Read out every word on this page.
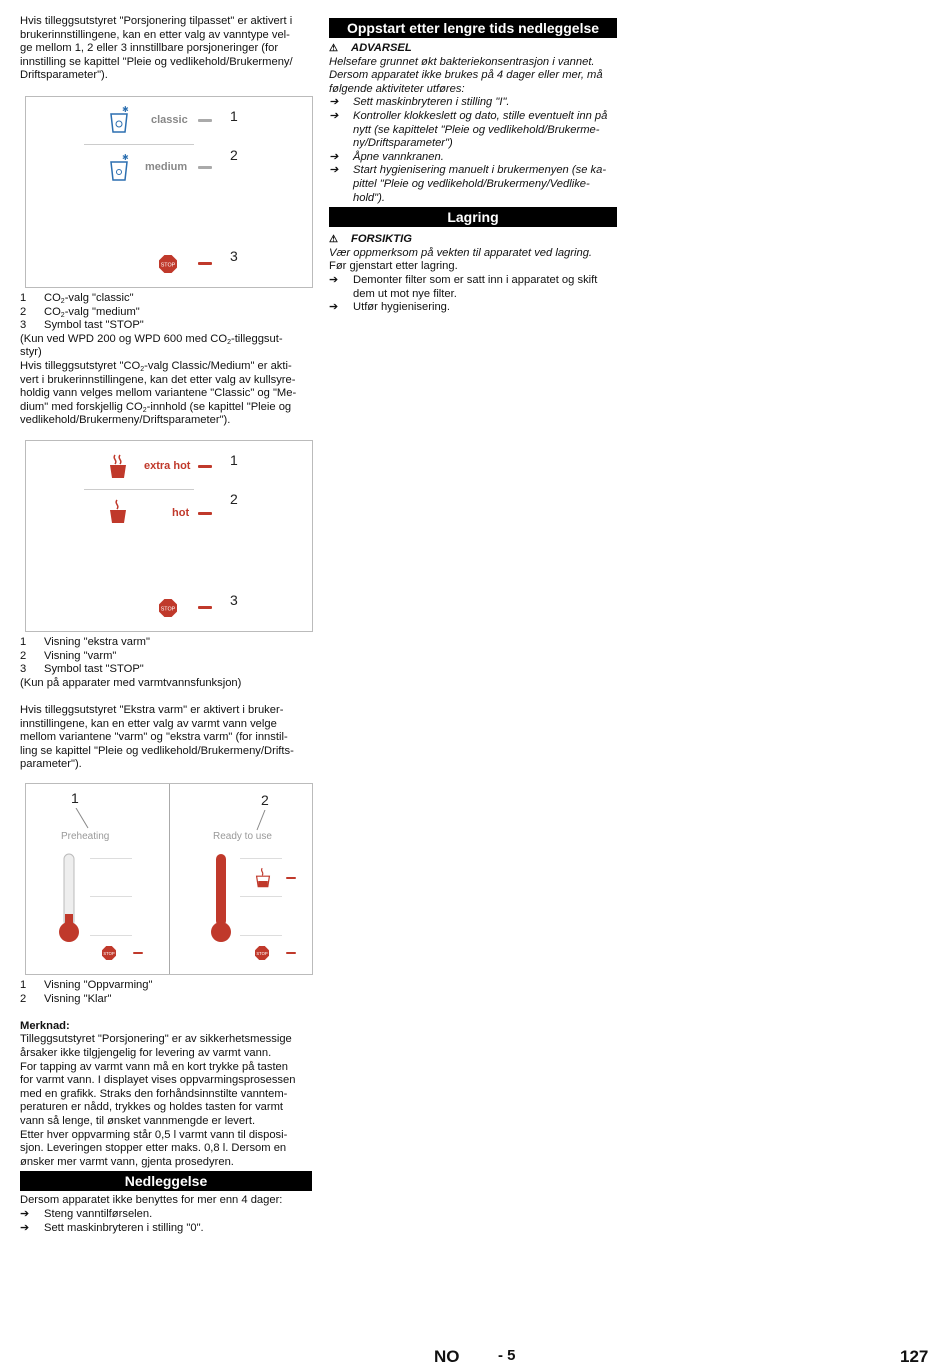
Hvis tilleggsutstyret "Porsjonering tilpasset" er aktivert i

brukerinnstillingene, kan en etter valg av vanntype vel-

ge mellom 1, 2 eller 3 innstillbare porsjoneringer (for

innstilling se kapittel "Pleie og vedlikehold/Brukermeny/

Driftsparameter").

✱
classic	1
✱
medium
2
STOP
3
1	$CO_2$-valg "classic"
2	$CO_2$-valg "medium"
3	Symbol tast "STOP"

(Kun ved WPD 200 og WPD 600 med $CO_2-tilleggsut-$

styr)

Hvis tilleggsutstyret "$CO_2$-valg Classic/Medium" er akti-

vert i brukerinnstillingene, kan det etter valg av kullsyre-

holdig vann velges mellom variantene "Classic" og "Me-

dium" med forskjellig $CO_2$-innhold (se kapittel "Pleie og

vedlikehold/Brukermeny/Driftsparameter").

extra hot	1
hot
2
STOP
3
1	Visning "ekstra varm"
2	Visning "varm"
3	Symbol tast "STOP"

(Kun på apparater med varmtvannsfunksjon)

Hvis tilleggsutstyret "Ekstra varm" er aktivert i bruker-

innstillingene, kan en etter valg av varmt vann velge

mellom variantene "varm" og "ekstra varm" (for innstil-

ling se kapittel "Pleie og vedlikehold/Brukermeny/Drifts-

parameter").

1	2
Preheating	Ready to use
STOP	STOP
1	Visning "Oppvarming"
2	Visning "Klar"

Merknad:

Tilleggsutstyret "Porsjonering" er av sikkerhetsmessige

årsaker ikke tilgjengelig for levering av varmt vann.

For tapping av varmt vann må en kort trykke på tasten

for varmt vann. I displayet vises oppvarmingsprosessen

med en grafikk. Straks den forhåndsinnstilte vanntem-

peraturen er nådd, trykkes og holdes tasten for varmt

vann så lenge, til ønsket vannmengde er levert.

Etter hver oppvarming står 0,5 l varmt vann til disposi-

sjon. Leveringen stopper etter maks. 0,8 l. Dersom en

ønsker mer varmt vann, gjenta prosedyren.

Nedleggelse

Dersom apparatet ikke benyttes for mer enn 4 dager:

➔	Steng vanntilførselen.
➔	Sett maskinbryteren i stilling "0".
Oppstart etter lengre tids nedleggelse

⚠ ADVARSEL

Helsefare grunnet økt bakteriekonsentrasjon i vannet.

Dersom apparatet ikke brukes på 4 dager eller mer, må

følgende aktiviteter utføres:

➔	Sett maskinbryteren i stilling "I".

➔	Kontroller klokkeslett og dato, stille eventuelt inn på

nytt (se kapittelet "Pleie og vedlikehold/Brukerme-

ny/Driftsparameter")

➔	Åpne vannkranen.

➔	Start hygienisering manuelt i brukermenyen (se ka-

pittel "Pleie og vedlikehold/Brukermeny/Vedlike-

hold").

Lagring

⚠ FORSIKTIG

Vær oppmerksom på vekten til apparatet ved lagring.

Før gjenstart etter lagring.

➔	Demonter filter som er satt inn i apparatet og skift

dem ut mot nye filter.

➔	Utfør hygienisering.

NO	- 5	127
